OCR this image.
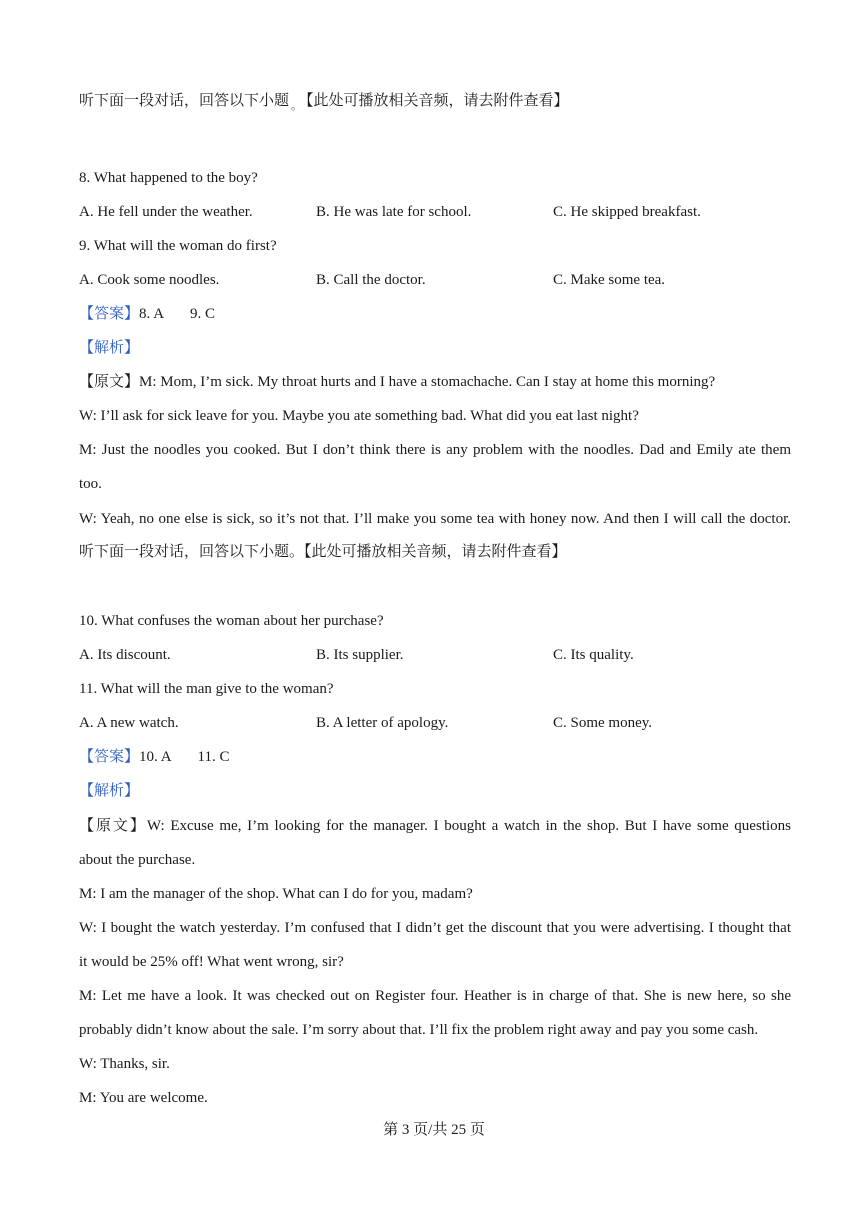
听下面一段对话，回答以下小题 $_。$ 【此处可播放相关音频，请去附件查看】
8. What happened to the boy?
A. He fell under the weather.	B. He was late for school.	C. He skipped breakfast.
9. What will the woman do first?
A. Cook some noodles.	B. Call the doctor.	C. Make some tea.
【答案】8. A 9. C
【解析】
【原文】M: Mom, I’m sick. My throat hurts and I have a stomachache. Can I stay at home this morning?
W: I’ll ask for sick leave for you. Maybe you ate something bad. What did you eat last night?
M: Just the noodles you cooked. But I don’t think there is any problem with the noodles. Dad and Emily ate them
too.
W: Yeah, no one else is sick, so it’s not that. I’ll make you some tea with honey now. And then I will call the doctor.
听下面一段对话，回答以下小题。【此处可播放相关音频，请去附件查看】
10. What confuses the woman about her purchase?
A. Its discount.	B. Its supplier.	C. Its quality.
11. What will the man give to the woman?
A. A new watch.	B. A letter of apology.	C. Some money.
【答案】10. A 11. C
【解析】
【原文】W: Excuse me, I’m looking for the manager. I bought a watch in the shop. But I have some questions
about the purchase.
M: I am the manager of the shop. What can I do for you, madam?
W: I bought the watch yesterday. I’m confused that I didn’t get the discount that you were advertising. I thought that
it would be 25% off! What went wrong, sir?
M: Let me have a look. It was checked out on Register four. Heather is in charge of that. She is new here, so she
probably didn’t know about the sale. I’m sorry about that. I’ll fix the problem right away and pay you some cash.
W: Thanks, sir.
M: You are welcome.
第 3 页/共 25 页
